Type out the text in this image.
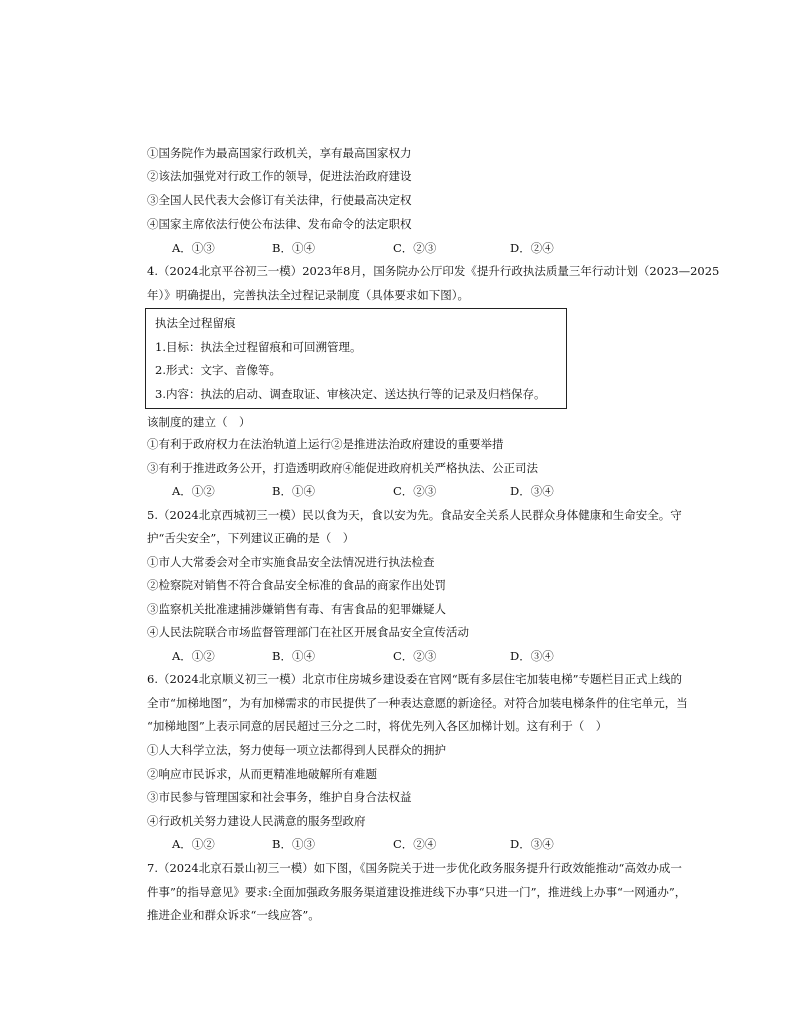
①国务院作为最高国家行政机关，享有最高国家权力
②该法加强党对行政工作的领导，促进法治政府建设
③全国人民代表大会修订有关法律，行使最高决定权
④国家主席依法行使公布法律、发布命令的法定职权
A．①③	B．①④	C．②③	D．②④
4.（2024北京平谷初三一模）2023年8月，国务院办公厅印发《提升行政执法质量三年行动计划（2023—2025
年）》明确提出，完善执法全过程记录制度（具体要求如下图）。
执法全过程留痕
1.目标：执法全过程留痕和可回溯管理。
2.形式：文字、音像等。
3.内容：执法的启动、调查取证、审核决定、送达执行等的记录及归档保存。
该制度的建立（　）
①有利于政府权力在法治轨道上运行②是推进法治政府建设的重要举措
③有利于推进政务公开，打造透明政府④能促进政府机关严格执法、公正司法
A．①②	B．①④	C．②③	D．③④
5.（2024北京西城初三一模）民以食为天，食以安为先。食品安全关系人民群众身体健康和生命安全。守
护“舌尖安全”，下列建议正确的是（　）
①市人大常委会对全市实施食品安全法情况进行执法检查
②检察院对销售不符合食品安全标准的食品的商家作出处罚
③监察机关批准逮捕涉嫌销售有毒、有害食品的犯罪嫌疑人
④人民法院联合市场监督管理部门在社区开展食品安全宣传活动
A．①②	B．①④	C．②③	D．③④
6.（2024北京顺义初三一模）北京市住房城乡建设委在官网“既有多层住宅加装电梯”专题栏目正式上线的
全市“加梯地图”，为有加梯需求的市民提供了一种表达意愿的新途径。对符合加装电梯条件的住宅单元，当
“加梯地图”上表示同意的居民超过三分之二时，将优先列入各区加梯计划。这有利于（　）
①人大科学立法，努力使每一项立法都得到人民群众的拥护
②响应市民诉求，从而更精准地破解所有难题
③市民参与管理国家和社会事务，维护自身合法权益
④行政机关努力建设人民满意的服务型政府
A．①②	B．①③	C．②④	D．③④
7.（2024北京石景山初三一模）如下图，《国务院关于进一步优化政务服务提升行政效能推动“高效办成一
件事”的指导意见》要求:全面加强政务服务渠道建设推进线下办事“只进一门”，推进线上办事“一网通办”，
推进企业和群众诉求“一线应答”。
